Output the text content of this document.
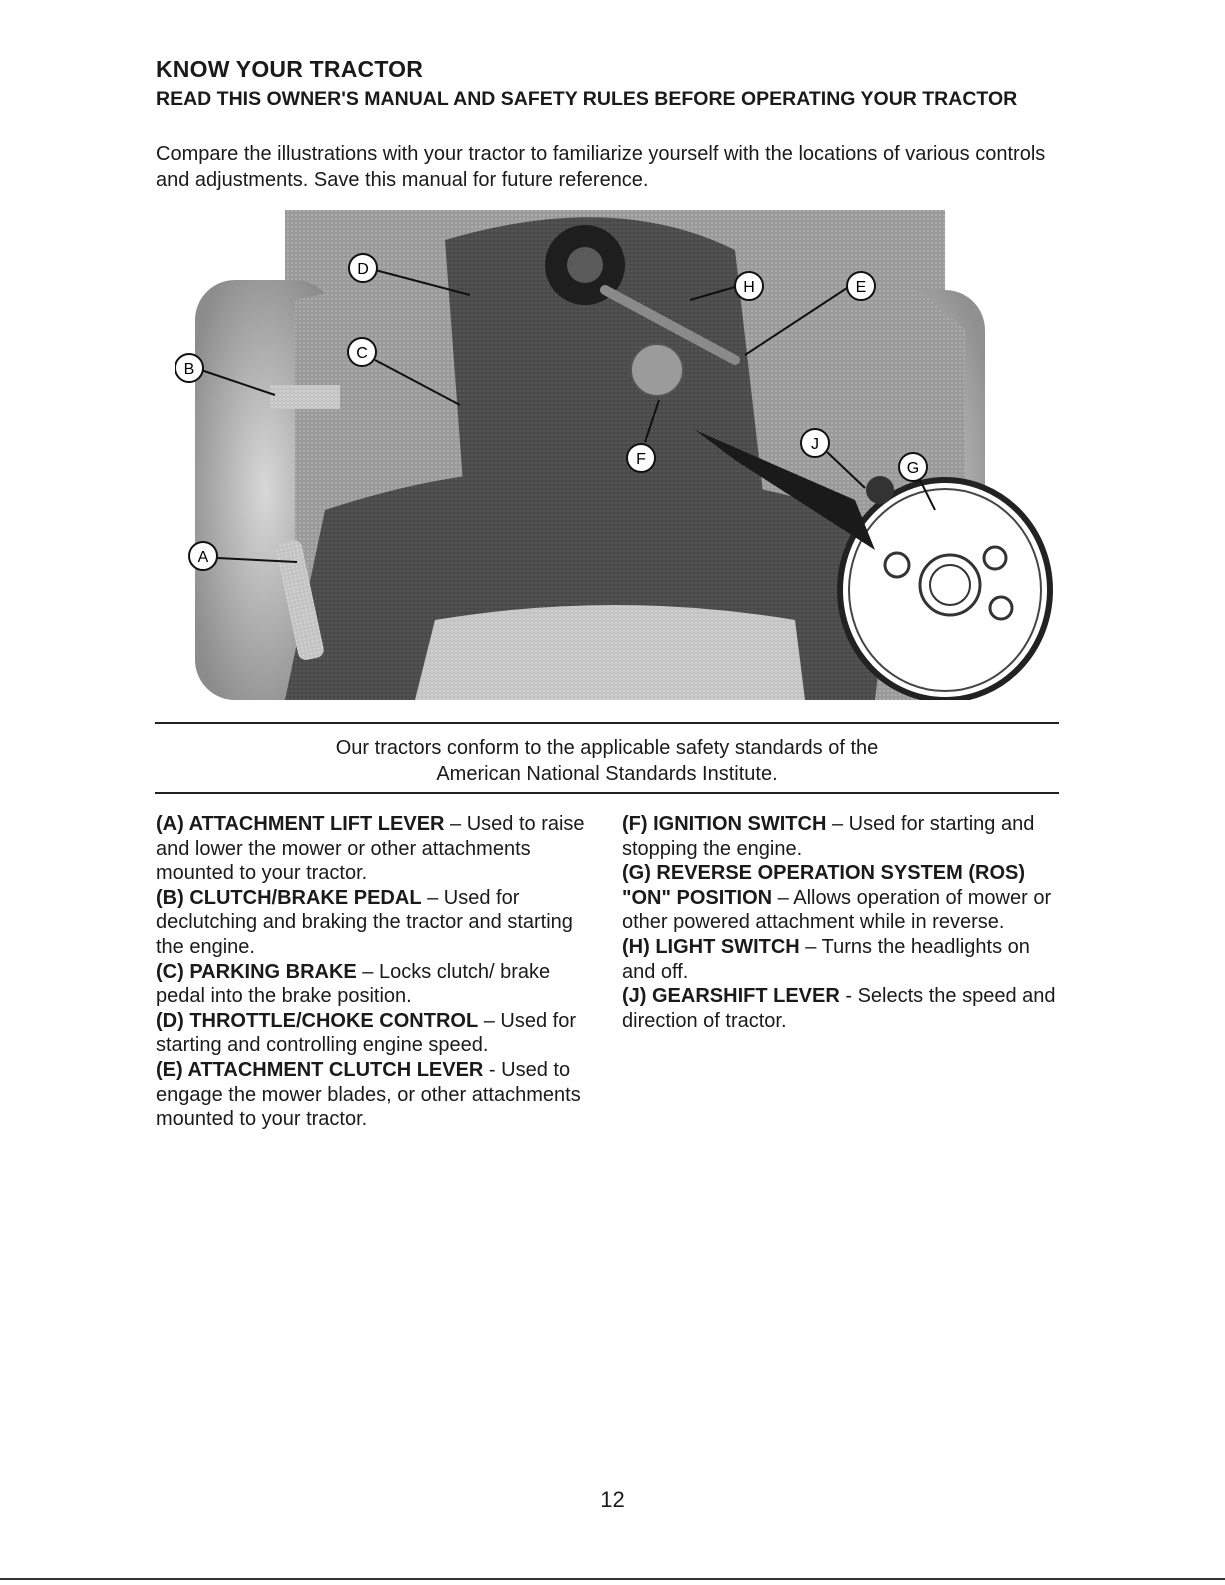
KNOW YOUR TRACTOR
READ THIS OWNER'S MANUAL AND SAFETY RULES BEFORE OPERATING YOUR TRACTOR
Compare the illustrations with your tractor to familiarize yourself with the locations of various controls and adjustments. Save this manual for future reference.
D
C
B
A
H	E
F
J
G
Our tractors conform to the applicable safety standards of the
American National Standards Institute.
(A) ATTACHMENT LIFT LEVER – Used to raise and lower the mower or other attachments mounted to your tractor.
(B) CLUTCH/BRAKE PEDAL – Used for declutching and braking the tractor and starting the engine.
(C) PARKING BRAKE – Locks clutch/ brake pedal into the brake position.
(D) THROTTLE/CHOKE CONTROL – Used for starting and controlling engine speed.
(E) ATTACHMENT CLUTCH LEVER - Used to engage the mower blades, or other attachments mounted to your tractor.
(F) IGNITION SWITCH – Used for starting and stopping the engine.
(G) REVERSE OPERATION SYSTEM (ROS) "ON" POSITION – Allows operation of mower or other powered attachment while in reverse.
(H) LIGHT SWITCH – Turns the headlights on and off.
(J) GEARSHIFT LEVER - Selects the speed and direction of tractor.
12
